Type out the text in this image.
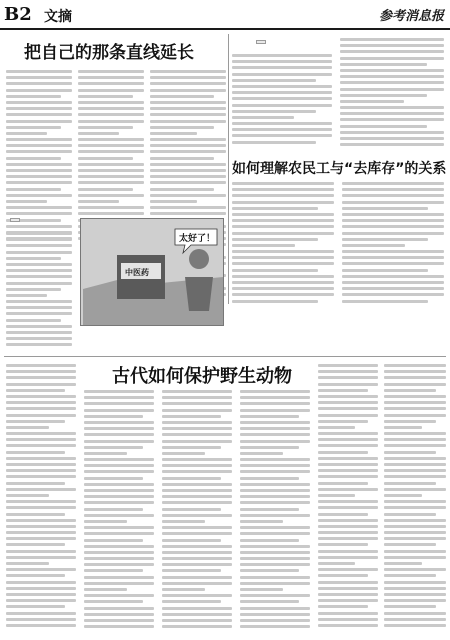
B2 文摘	参考消息报
把自己的那条直线延长
如何理解农民工与“去库存”的关系
太好了！
中医药
古代如何保护野生动物
